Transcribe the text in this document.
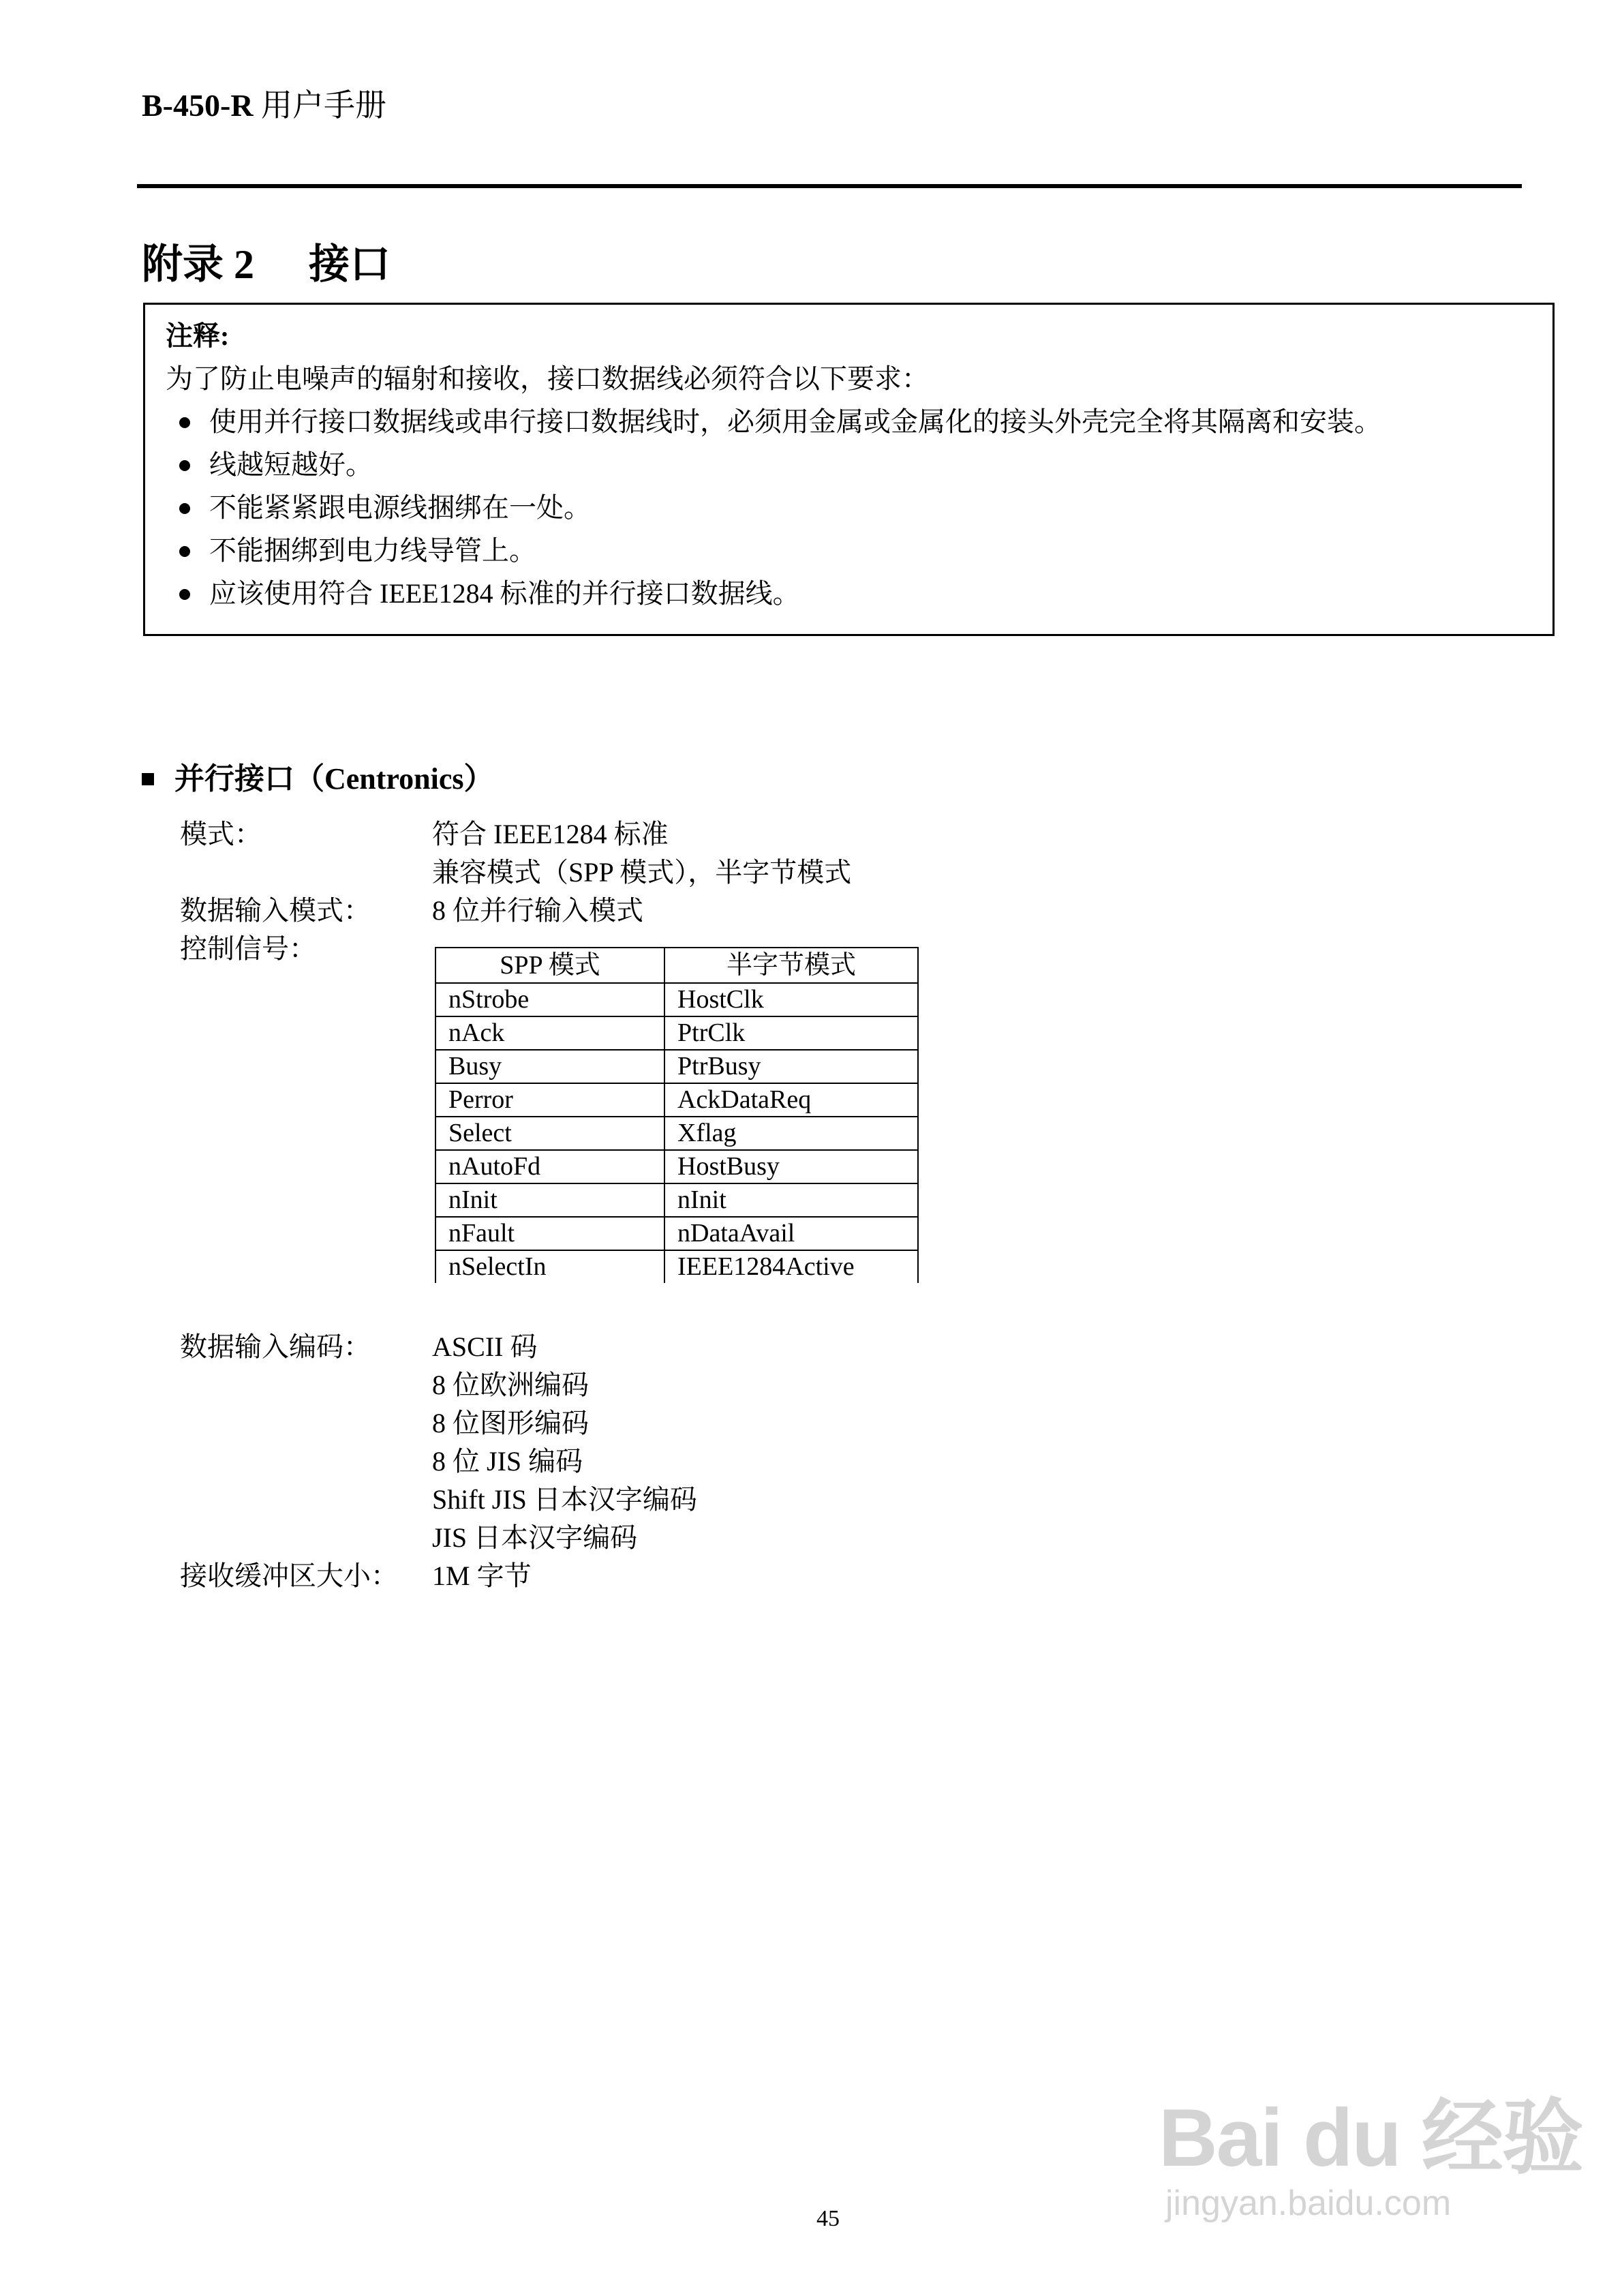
B-450-R 用户手册
附录 2 接口
注释:
为了防止电噪声的辐射和接收，接口数据线必须符合以下要求：
使用并行接口数据线或串行接口数据线时，必须用金属或金属化的接头外壳完全将其隔离和安装。
线越短越好。
不能紧紧跟电源线捆绑在一处。
不能捆绑到电力线导管上。
应该使用符合 IEEE1284 标准的并行接口数据线。
并行接口（Centronics）
模式：	符合 IEEE1284 标准
兼容模式（SPP 模式），半字节模式
数据输入模式： 8 位并行输入模式
控制信号：
SPP 模式	半字节模式
nStrobe	HostClk
nAck	PtrClk
Busy	PtrBusy
Perror	AckDataReq
Select	Xflag
nAutoFd	HostBusy
nInit	nInit
nFault	nDataAvail
nSelectIn	IEEE1284Active
数据输入编码： ASCII 码
8 位欧洲编码
8 位图形编码
8 位 JIS 编码
Shift JIS 日本汉字编码
JIS 日本汉字编码
接收缓冲区大小： 1M 字节
45
Bai du 经验
jingyan.baidu.com
